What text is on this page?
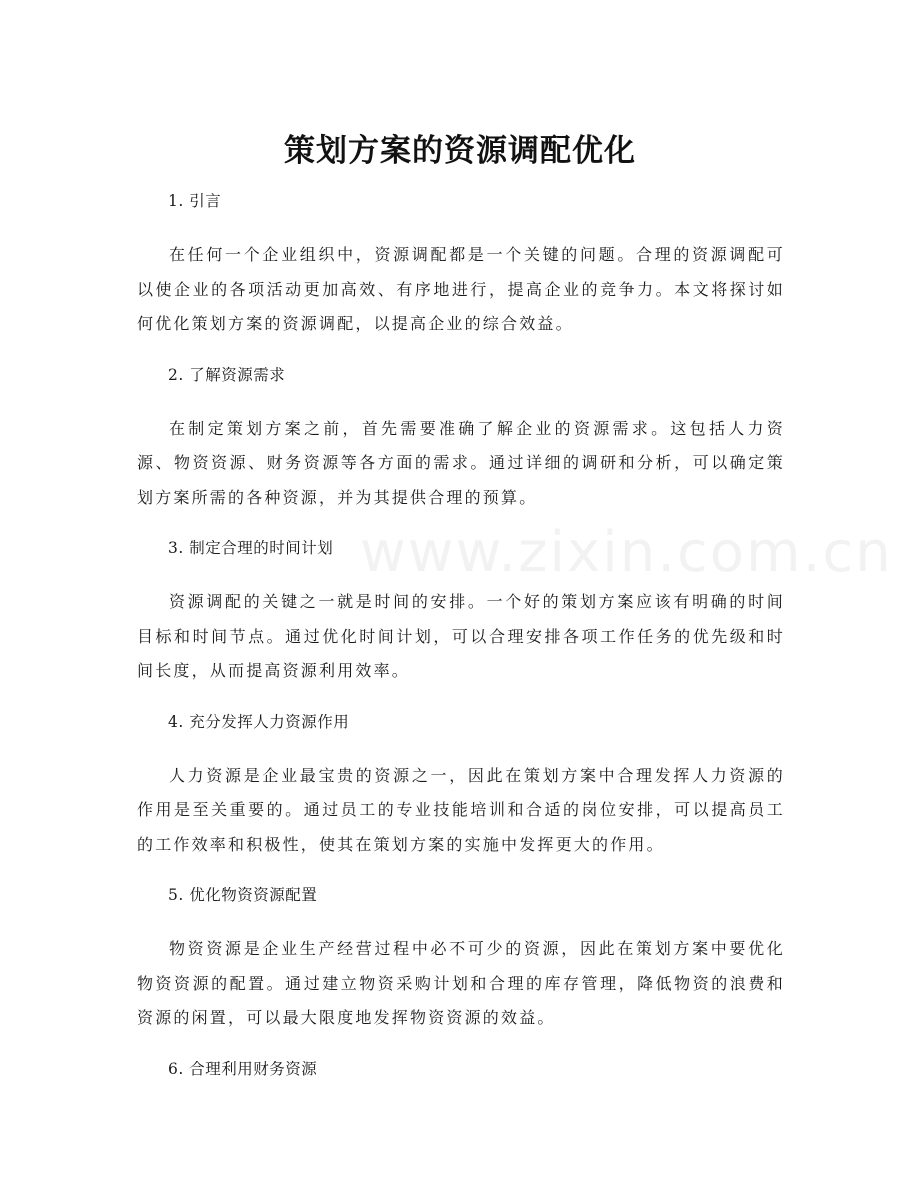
www.zixin.com.cn
策划方案的资源调配优化

1. 引言

在任何一个企业组织中，资源调配都是一个关键的问题。合理的资源调配可以使企业的各项活动更加高效、有序地进行，提高企业的竞争力。本文将探讨如何优化策划方案的资源调配，以提高企业的综合效益。

2. 了解资源需求

在制定策划方案之前，首先需要准确了解企业的资源需求。这包括人力资源、物资资源、财务资源等各方面的需求。通过详细的调研和分析，可以确定策划方案所需的各种资源，并为其提供合理的预算。

3. 制定合理的时间计划

资源调配的关键之一就是时间的安排。一个好的策划方案应该有明确的时间目标和时间节点。通过优化时间计划，可以合理安排各项工作任务的优先级和时间长度，从而提高资源利用效率。

4. 充分发挥人力资源作用

人力资源是企业最宝贵的资源之一，因此在策划方案中合理发挥人力资源的作用是至关重要的。通过员工的专业技能培训和合适的岗位安排，可以提高员工的工作效率和积极性，使其在策划方案的实施中发挥更大的作用。

5. 优化物资资源配置

物资资源是企业生产经营过程中必不可少的资源，因此在策划方案中要优化物资资源的配置。通过建立物资采购计划和合理的库存管理，降低物资的浪费和资源的闲置，可以最大限度地发挥物资资源的效益。

6. 合理利用财务资源
